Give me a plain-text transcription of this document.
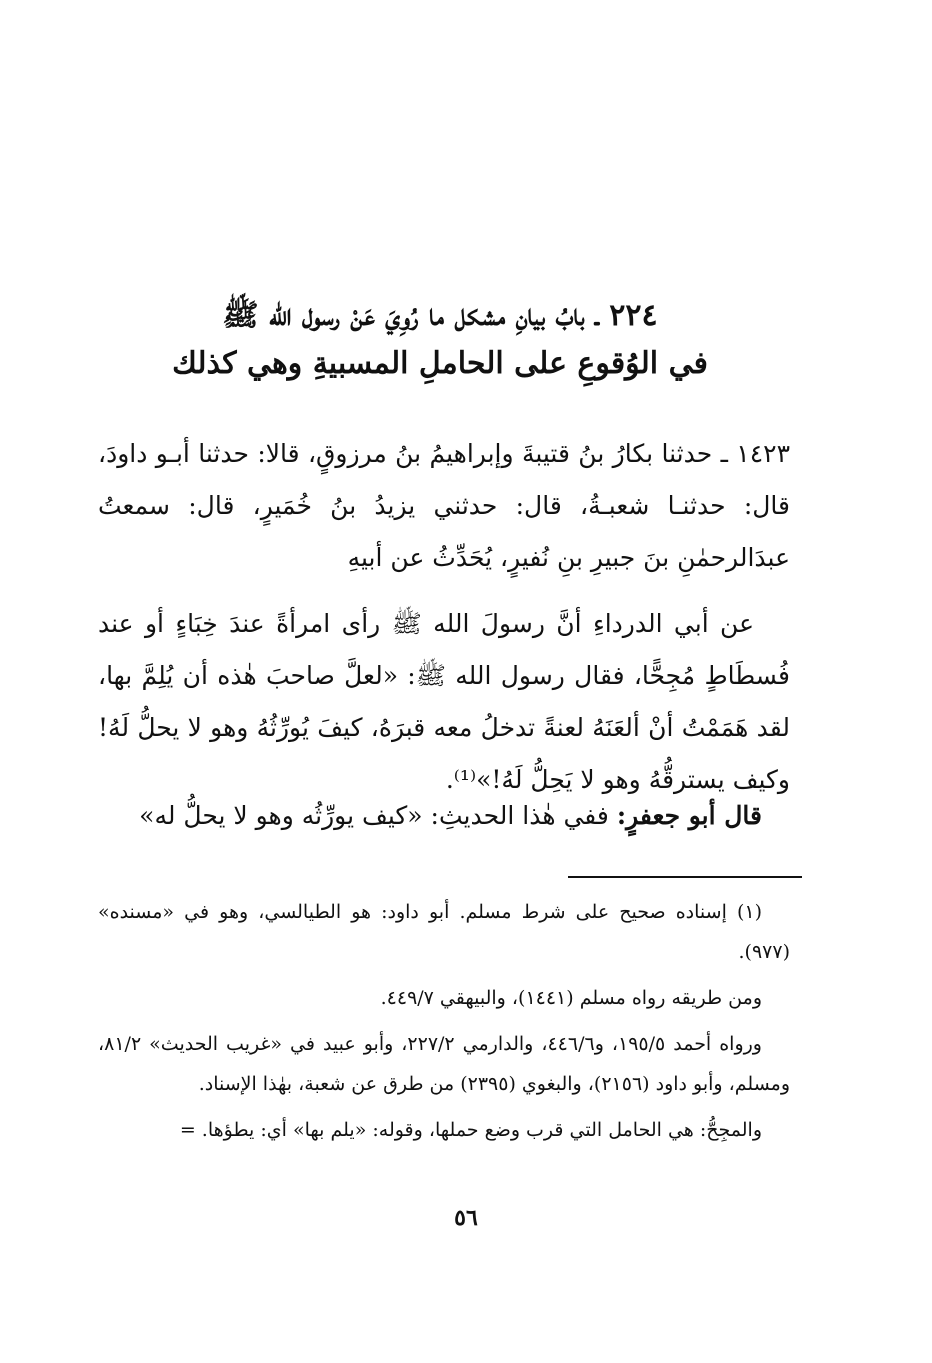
٢٢٤ ـ بابُ بيانِ مشكل ما رُوِيَ عَنْ رسول الله ﷺ
في الوُقوعِ على الحاملِ المسبيةِ وهي كذلك
١٤٢٣ ـ حدثنا بكارُ بنُ قتيبةَ وإبراهيمُ بنُ مرزوقٍ، قالا: حدثنا أبـو داودَ، قال: حدثنـا شعبـةُ، قال: حدثني يزيدُ بنُ خُمَيرٍ، قال: سمعتُ عبدَالرحمٰنِ بنَ جبيرِ بنِ نُفيرٍ، يُحَدِّثُ عن أبيهِ
عن أبي الدرداءِ أنَّ رسولَ الله ﷺ رأى امرأةً عندَ خِبَاءٍ أو عند فُسطَاطٍ مُجِحًّا، فقال رسول الله ﷺ: «لعلَّ صاحبَ هٰذه أن يُلِمَّ بها، لقد هَمَمْتُ أنْ ألعَنَهُ لعنةً تدخلُ معه قبرَهُ، كيفَ يُورِّثُهُ وهو لا يحلُّ لَهُ! وكيف يسترقُّهُ وهو لا يَحِلُّ لَهُ!»⁽¹⁾.
قال أبو جعفرٍ: ففي هٰذا الحديثِ: «كيف يورِّثُه وهو لا يحلُّ له»

(١) إسناده صحيح على شرط مسلم. أبو داود: هو الطيالسي، وهو في «مسنده» (٩٧٧).

ومن طريقه رواه مسلم (١٤٤١)، والبيهقي ٤٤٩/٧.

ورواه أحمد ١٩٥/٥، و٤٤٦/٦، والدارمي ٢٢٧/٢، وأبو عبيد في «غريب الحديث» ٨١/٢، ومسلم، وأبو داود (٢١٥٦)، والبغوي (٢٣٩٥) من طرق عن شعبة، بهٰذا الإسناد.

والمجِحُّ: هي الحامل التي قرب وضع حملها، وقوله: «يلم بها» أي: يطؤها. =

٥٦
